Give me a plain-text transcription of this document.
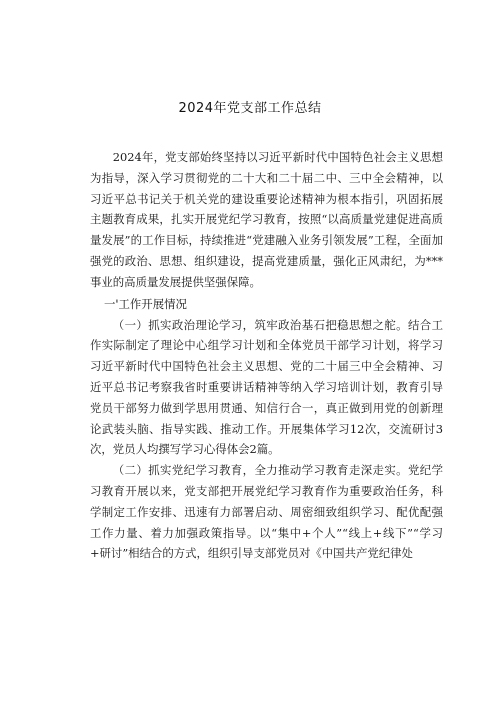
2024年党支部工作总结

2024年，党支部始终坚持以习近平新时代中国特色社会主义思想为指导，深入学习贯彻党的二十大和二十届二中、三中全会精神，以习近平总书记关于机关党的建设重要论述精神为根本指引，巩固拓展主题教育成果，扎实开展党纪学习教育，按照“以高质量党建促进高质量发展”的工作目标，持续推进“党建融入业务引领发展”工程，全面加强党的政治、思想、组织建设，提高党建质量，强化正风肃纪，为***事业的高质量发展提供坚强保障。

一'工作开展情况

（一）抓实政治理论学习，筑牢政治基石把稳思想之舵。结合工作实际制定了理论中心组学习计划和全体党员干部学习计划，将学习习近平新时代中国特色社会主义思想、党的二十届三中全会精神、习近平总书记考察我省时重要讲话精神等纳入学习培训计划，教育引导党员干部努力做到学思用贯通、知信行合一，真正做到用党的创新理论武装头脑、指导实践、推动工作。开展集体学习12次，交流研讨3次，党员人均撰写学习心得体会2篇。

（二）抓实党纪学习教育，全力推动学习教育走深走实。党纪学习教育开展以来，党支部把开展党纪学习教育作为重要政治任务，科学制定工作安排、迅速有力部署启动、周密细致组织学习、配优配强工作力量、着力加强政策指导。以“集中+个人”“线上+线下”“学习+研讨”相结合的方式，组织引导支部党员对《中国共产党纪律处
